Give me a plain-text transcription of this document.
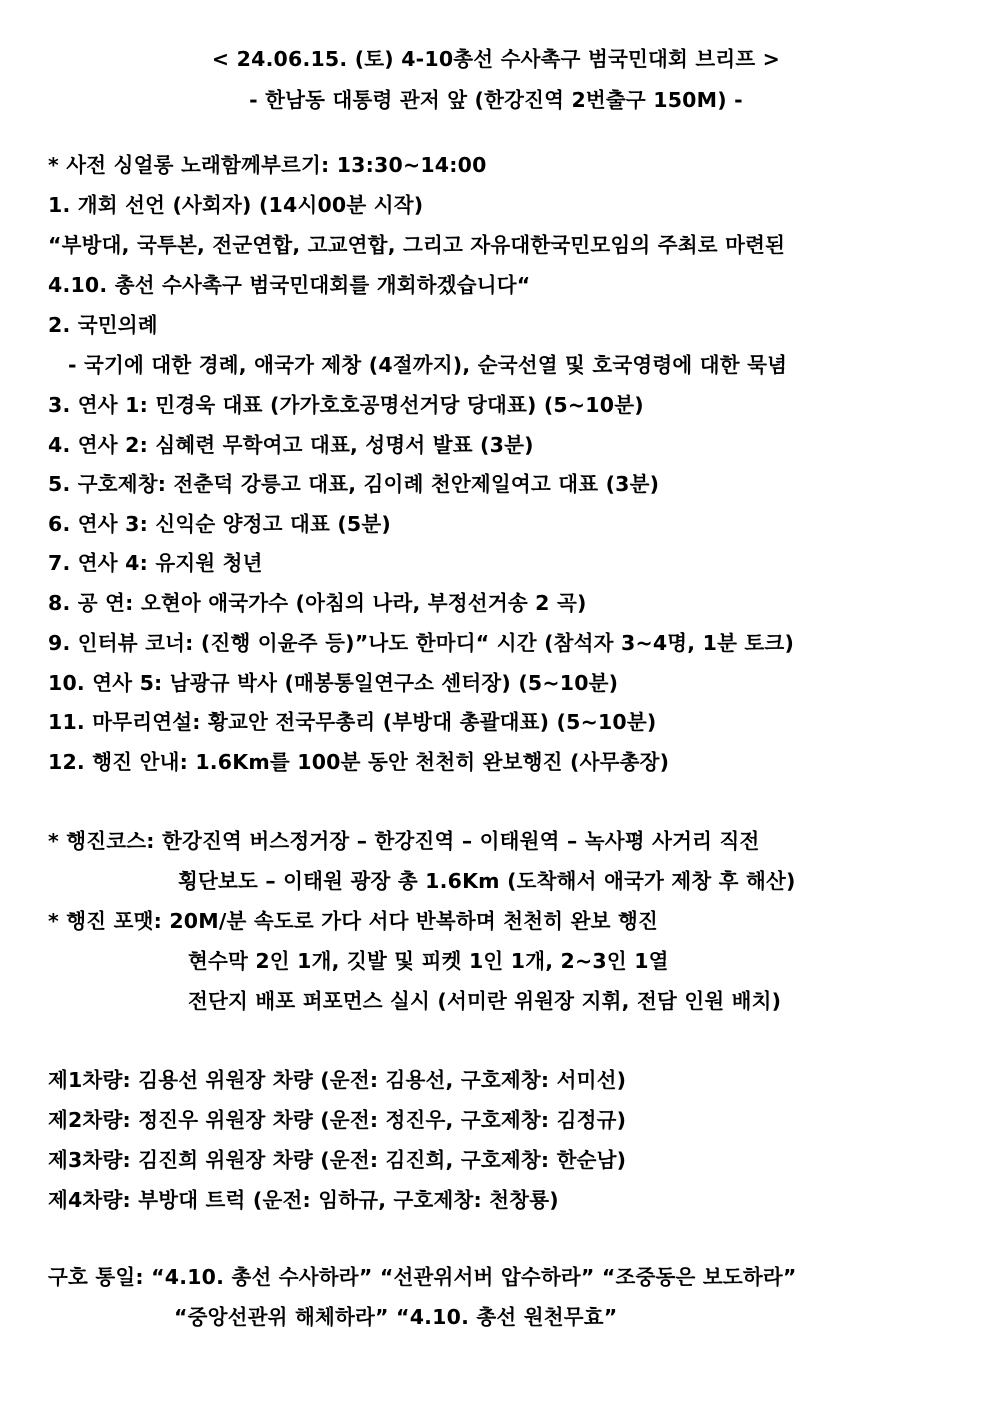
< 24.06.15. (토) 4-10총선 수사촉구 범국민대회 브리프 >
- 한남동 대통령 관저 앞 (한강진역 2번출구 150M) -
* 사전 싱얼롱 노래함께부르기: 13:30~14:00
1. 개회 선언 (사회자) (14시00분 시작)
“부방대, 국투본, 전군연합, 고교연합, 그리고 자유대한국민모임의 주최로 마련된
4.10. 총선 수사촉구 범국민대회를 개회하겠습니다“
2. 국민의례
- 국기에 대한 경례, 애국가 제창 (4절까지), 순국선열 및 호국영령에 대한 묵념
3. 연사 1: 민경욱 대표 (가가호호공명선거당 당대표) (5~10분)
4. 연사 2: 심혜련 무학여고 대표, 성명서 발표 (3분)
5. 구호제창: 전춘덕 강릉고 대표, 김이례 천안제일여고 대표 (3분)
6. 연사 3: 신익순 양정고 대표 (5분)
7. 연사 4: 유지원 청년
8. 공 연: 오현아 애국가수 (아침의 나라, 부정선거송 2 곡)
9. 인터뷰 코너: (진행 이윤주 등)”나도 한마디“ 시간 (참석자 3~4명, 1분 토크)
10. 연사 5: 남광규 박사 (매봉통일연구소 센터장) (5~10분)
11. 마무리연설: 황교안 전국무총리 (부방대 총괄대표) (5~10분)
12. 행진 안내: 1.6Km를 100분 동안 천천히 완보행진 (사무총장)
* 행진코스: 한강진역 버스정거장 – 한강진역 – 이태원역 – 녹사평 사거리 직전
횡단보도 – 이태원 광장 총 1.6Km (도착해서 애국가 제창 후 해산)
* 행진 포맷: 20M/분 속도로 가다 서다 반복하며 천천히 완보 행진
현수막 2인 1개, 깃발 및 피켓 1인 1개, 2~3인 1열
전단지 배포 퍼포먼스 실시 (서미란 위원장 지휘, 전담 인원 배치)
제1차량: 김용선 위원장 차량 (운전: 김용선, 구호제창: 서미선)
제2차량: 정진우 위원장 차량 (운전: 정진우, 구호제창: 김정규)
제3차량: 김진희 위원장 차량 (운전: 김진희, 구호제창: 한순남)
제4차량: 부방대 트럭 (운전: 임하규, 구호제창: 천창룡)
구호 통일: “4.10. 총선 수사하라” “선관위서버 압수하라” “조중동은 보도하라”
“중앙선관위 해체하라” “4.10. 총선 원천무효”
